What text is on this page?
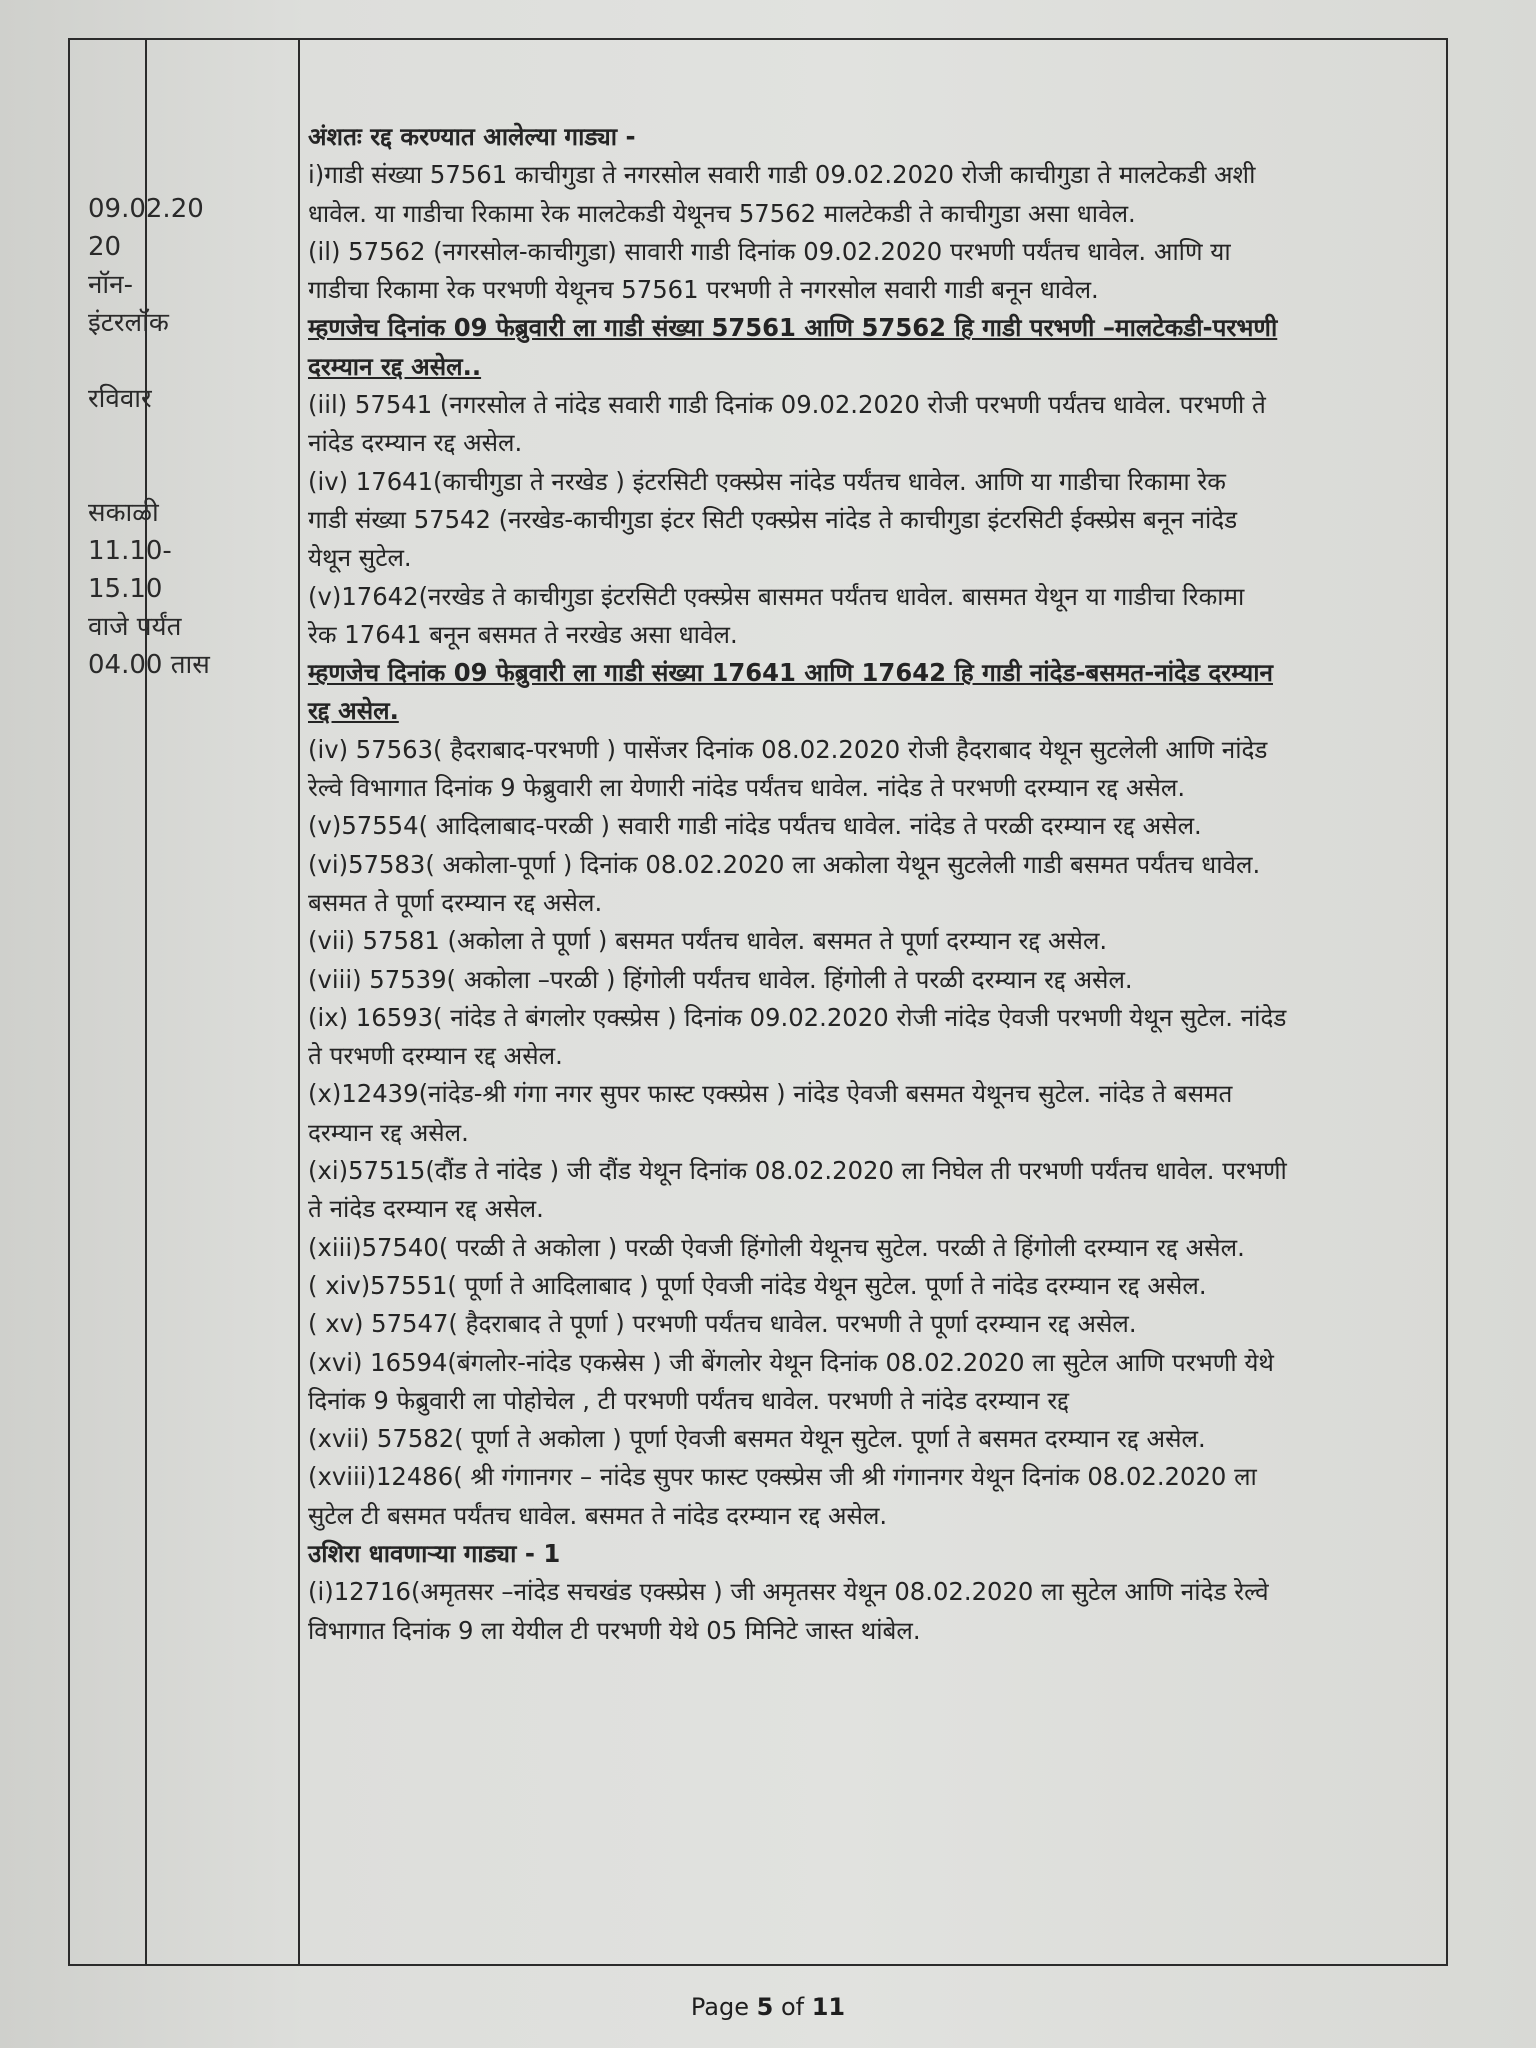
09.02.20
20
नॉन-
इंटरलॉक
रविवार
सकाळी
11.10-
15.10
वाजे पर्यंत
04.00 तास
अंशतः रद्द करण्यात आलेल्या गाड्या -
i)गाडी संख्या 57561 काचीगुडा ते नगरसोल सवारी गाडी 09.02.2020 रोजी काचीगुडा ते मालटेकडी अशी
धावेल. या गाडीचा रिकामा रेक मालटेकडी येथूनच 57562 मालटेकडी ते काचीगुडा असा धावेल.
(il) 57562 (नगरसोल-काचीगुडा) सावारी गाडी दिनांक 09.02.2020 परभणी पर्यंतच धावेल. आणि या
गाडीचा रिकामा रेक परभणी येथूनच 57561 परभणी ते नगरसोल सवारी गाडी बनून धावेल.
म्हणजेच दिनांक 09 फेब्रुवारी ला गाडी संख्या 57561 आणि 57562 हि गाडी परभणी –मालटेकडी-परभणी
दरम्यान रद्द असेल..
(iil) 57541 (नगरसोल ते नांदेड सवारी गाडी दिनांक 09.02.2020 रोजी परभणी पर्यंतच धावेल. परभणी ते
नांदेड दरम्यान रद्द असेल.
(iv) 17641(काचीगुडा ते नरखेड ) इंटरसिटी एक्स्प्रेस नांदेड पर्यंतच धावेल. आणि या गाडीचा रिकामा रेक
गाडी संख्या 57542 (नरखेड-काचीगुडा इंटर सिटी एक्स्प्रेस नांदेड ते काचीगुडा इंटरसिटी ईक्स्प्रेस बनून नांदेड
येथून सुटेल.
(v)17642(नरखेड ते काचीगुडा इंटरसिटी एक्स्प्रेस बासमत पर्यंतच धावेल. बासमत येथून या गाडीचा रिकामा
रेक 17641 बनून बसमत ते नरखेड असा धावेल.
म्हणजेच दिनांक 09 फेब्रुवारी ला गाडी संख्या 17641 आणि 17642 हि गाडी नांदेड-बसमत-नांदेड दरम्यान
रद्द असेल.
(iv) 57563( हैदराबाद-परभणी ) पासेंजर दिनांक 08.02.2020 रोजी हैदराबाद येथून सुटलेली आणि नांदेड
रेल्वे विभागात दिनांक 9 फेब्रुवारी ला येणारी नांदेड पर्यंतच धावेल. नांदेड ते परभणी दरम्यान रद्द असेल.
(v)57554( आदिलाबाद-परळी ) सवारी गाडी नांदेड पर्यंतच धावेल. नांदेड ते परळी दरम्यान रद्द असेल.
(vi)57583( अकोला-पूर्णा ) दिनांक 08.02.2020 ला अकोला येथून सुटलेली गाडी बसमत पर्यंतच धावेल.
बसमत ते पूर्णा दरम्यान रद्द असेल.
(vii) 57581 (अकोला ते पूर्णा ) बसमत पर्यंतच धावेल. बसमत ते पूर्णा दरम्यान रद्द असेल.
(viii) 57539( अकोला –परळी ) हिंगोली पर्यंतच धावेल. हिंगोली ते परळी दरम्यान रद्द असेल.
(ix) 16593( नांदेड ते बंगलोर एक्स्प्रेस ) दिनांक 09.02.2020 रोजी नांदेड ऐवजी परभणी येथून सुटेल. नांदेड
ते परभणी दरम्यान रद्द असेल.
(x)12439(नांदेड-श्री गंगा नगर सुपर फास्ट एक्स्प्रेस ) नांदेड ऐवजी बसमत येथूनच सुटेल. नांदेड ते बसमत
दरम्यान रद्द असेल.
(xi)57515(दौंड ते नांदेड ) जी दौंड येथून दिनांक 08.02.2020 ला निघेल ती परभणी पर्यंतच धावेल. परभणी
ते नांदेड दरम्यान रद्द असेल.
(xiii)57540( परळी ते अकोला ) परळी ऐवजी हिंगोली येथूनच सुटेल. परळी ते हिंगोली दरम्यान रद्द असेल.
( xiv)57551( पूर्णा ते आदिलाबाद ) पूर्णा ऐवजी नांदेड येथून सुटेल. पूर्णा ते नांदेड दरम्यान रद्द असेल.
( xv) 57547( हैदराबाद ते पूर्णा ) परभणी पर्यंतच धावेल. परभणी ते पूर्णा दरम्यान रद्द असेल.
(xvi) 16594(बंगलोर-नांदेड एकस्रेस ) जी बेंगलोर येथून दिनांक 08.02.2020 ला सुटेल आणि परभणी येथे
दिनांक 9 फेब्रुवारी ला पोहोचेल , टी परभणी पर्यंतच धावेल. परभणी ते नांदेड दरम्यान रद्द
(xvii) 57582( पूर्णा ते अकोला ) पूर्णा ऐवजी बसमत येथून सुटेल. पूर्णा ते बसमत दरम्यान रद्द असेल.
(xviii)12486( श्री गंगानगर – नांदेड सुपर फास्ट एक्स्प्रेस जी श्री गंगानगर येथून दिनांक 08.02.2020 ला
सुटेल टी बसमत पर्यंतच धावेल. बसमत ते नांदेड दरम्यान रद्द असेल.
उशिरा धावणाऱ्या गाड्या - 1
(i)12716(अमृतसर –नांदेड सचखंड एक्स्प्रेस ) जी अमृतसर येथून 08.02.2020 ला सुटेल आणि नांदेड रेल्वे
विभागात दिनांक 9 ला येयील टी परभणी येथे 05 मिनिटे जास्त थांबेल.
Page 5 of 11
